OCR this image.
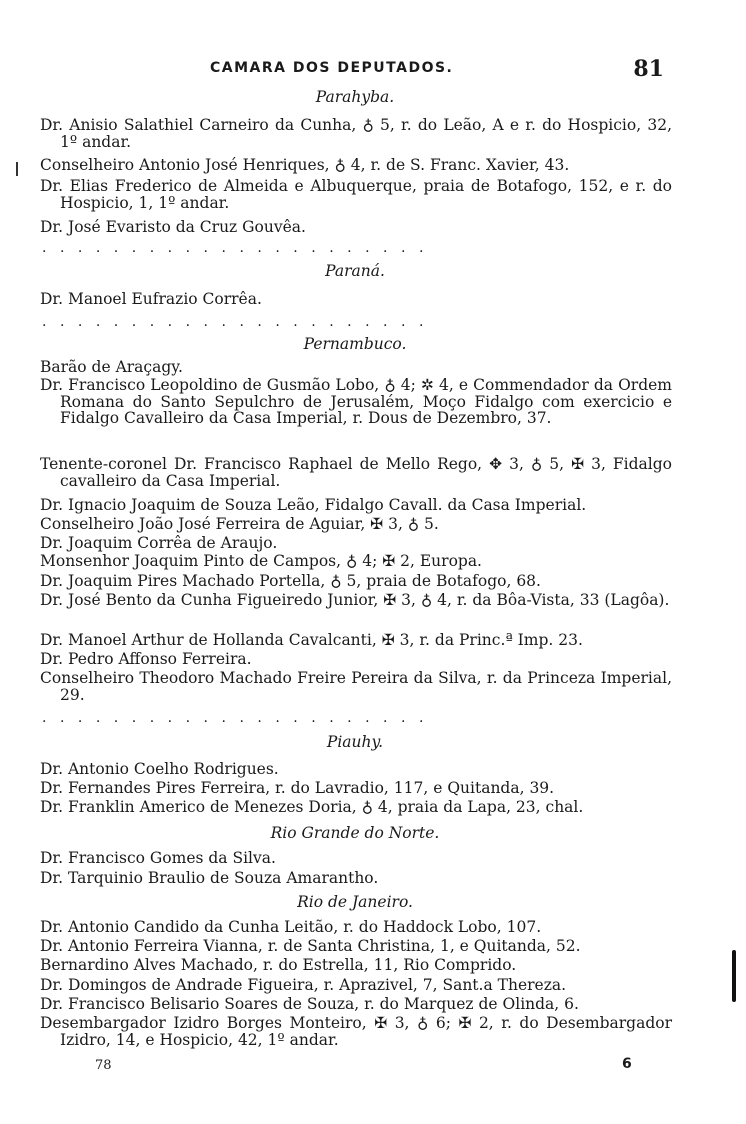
CAMARA DOS DEPUTADOS.	81
Parahyba.
Dr. Anisio Salathiel Carneiro da Cunha, ♁ 5, r. do Leão, A e r. do Hospicio, 32, 1º andar.
Conselheiro Antonio José Henriques, ♁ 4, r. de S. Franc. Xavier, 43.
Dr. Elias Frederico de Almeida e Albuquerque, praia de Botafogo, 152, e r. do Hospicio, 1, 1º andar.
Dr. José Evaristo da Cruz Gouvêa.
......................
Paraná.
Dr. Manoel Eufrazio Corrêa.
......................
Pernambuco.
Barão de Araçagy.
Dr. Francisco Leopoldino de Gusmão Lobo, ♁ 4; ✲ 4, e Commendador da Ordem Romana do Santo Sepulchro de Jerusalém, Moço Fidalgo com exercicio e Fidalgo Cavalleiro da Casa Imperial, r. Dous de Dezembro, 37.
Tenente-coronel Dr. Francisco Raphael de Mello Rego, ✥ 3, ♁ 5, ✠ 3, Fidalgo cavalleiro da Casa Imperial.
Dr. Ignacio Joaquim de Souza Leão, Fidalgo Cavall. da Casa Imperial.
Conselheiro João José Ferreira de Aguiar, ✠ 3, ♁ 5.
Dr. Joaquim Corrêa de Araujo.
Monsenhor Joaquim Pinto de Campos, ♁ 4; ✠ 2, Europa.
Dr. Joaquim Pires Machado Portella, ♁ 5, praia de Botafogo, 68.
Dr. José Bento da Cunha Figueiredo Junior, ✠ 3, ♁ 4, r. da Bôa-Vista, 33 (Lagôa).
Dr. Manoel Arthur de Hollanda Cavalcanti, ✠ 3, r. da Princ.ª Imp. 23.
Dr. Pedro Affonso Ferreira.
Conselheiro Theodoro Machado Freire Pereira da Silva, r. da Princeza Imperial, 29.
......................
Piauhy.
Dr. Antonio Coelho Rodrigues.
Dr. Fernandes Pires Ferreira, r. do Lavradio, 117, e Quitanda, 39.
Dr. Franklin Americo de Menezes Doria, ♁ 4, praia da Lapa, 23, chal.
Rio Grande do Norte.
Dr. Francisco Gomes da Silva.
Dr. Tarquinio Braulio de Souza Amarantho.
Rio de Janeiro.
Dr. Antonio Candido da Cunha Leitão, r. do Haddock Lobo, 107.
Dr. Antonio Ferreira Vianna, r. de Santa Christina, 1, e Quitanda, 52.
Bernardino Alves Machado, r. do Estrella, 11, Rio Comprido.
Dr. Domingos de Andrade Figueira, r. Aprazivel, 7, Sant.a Thereza.
Dr. Francisco Belisario Soares de Souza, r. do Marquez de Olinda, 6.
Desembargador Izidro Borges Monteiro, ✠ 3, ♁ 6; ✠ 2, r. do Desembargador Izidro, 14, e Hospicio, 42, 1º andar.
78	6
